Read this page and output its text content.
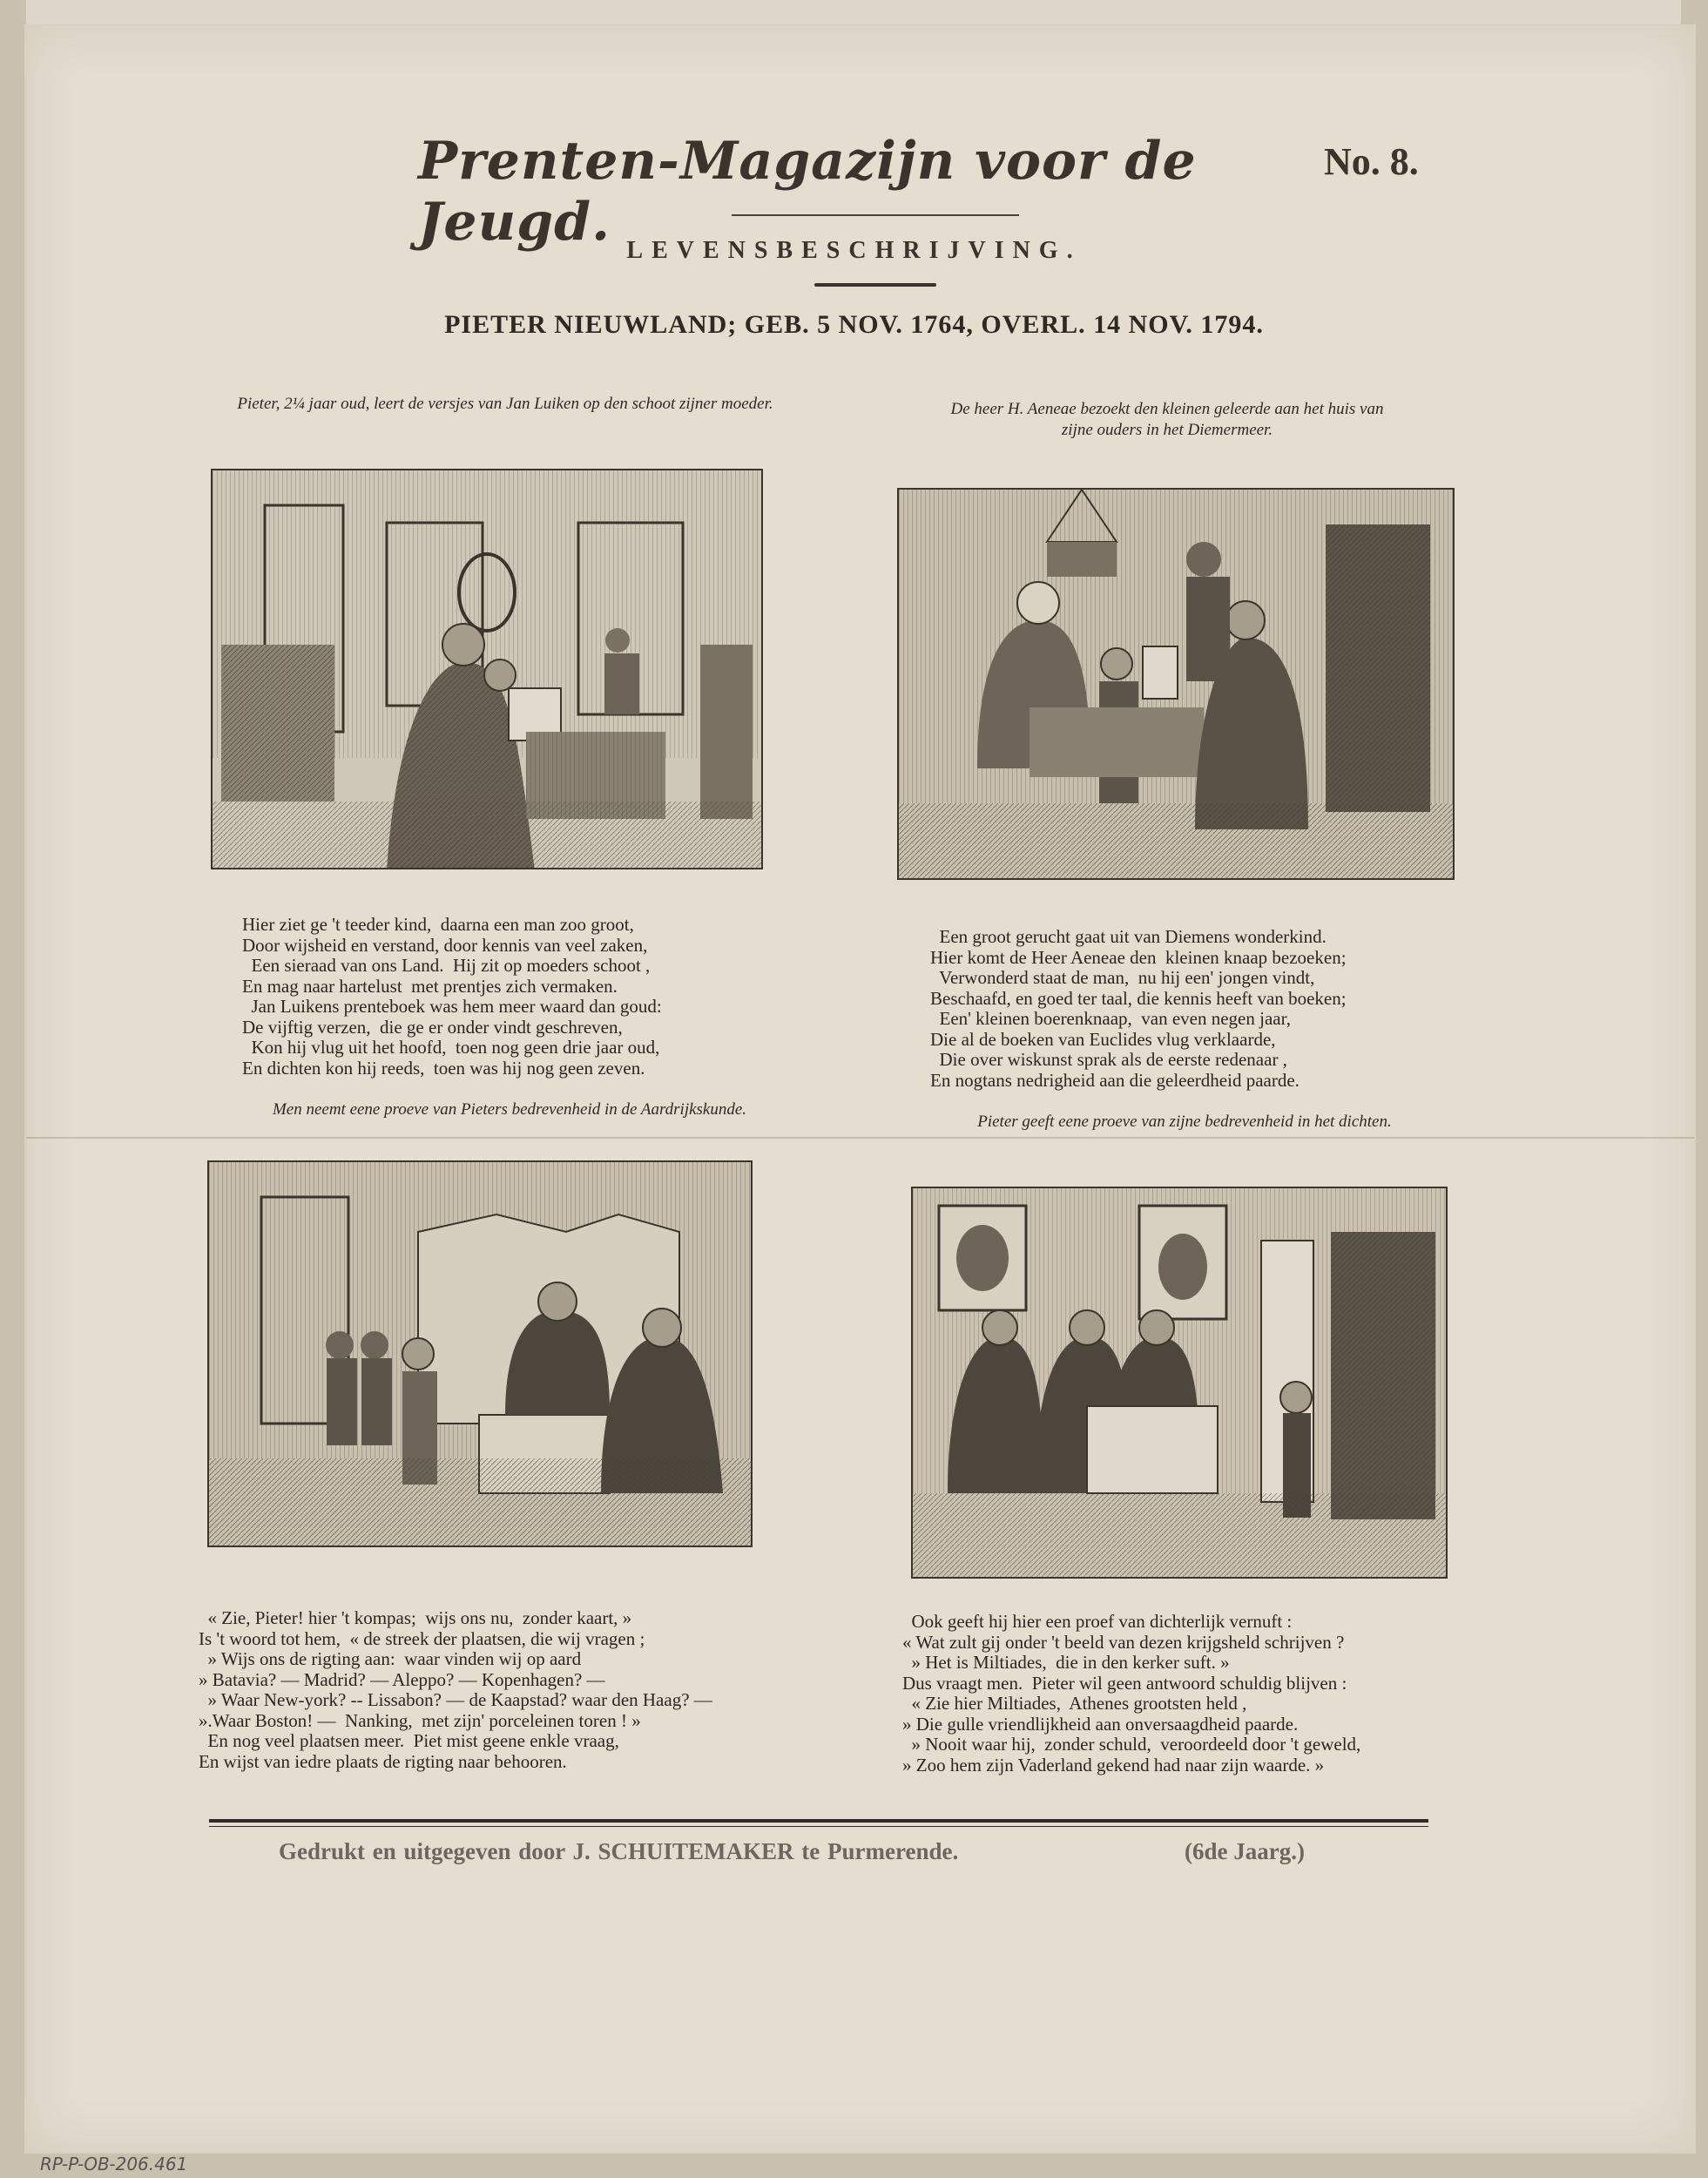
Prenten-Magazijn voor de Jeugd.
No. 8.
LEVENSBESCHRIJVING.
PIETER NIEUWLAND; GEB. 5 NOV. 1764, OVERL. 14 NOV. 1794.
Pieter, 2¼ jaar oud, leert de versjes van Jan Luiken op den schoot zijner moeder.
Hier ziet ge 't teeder kind,  daarna een man zoo groot,
Door wijsheid en verstand, door kennis van veel zaken,
Een sieraad van ons Land.  Hij zit op moeders schoot ,
En mag naar hartelust  met prentjes zich vermaken.
Jan Luikens prenteboek was hem meer waard dan goud:
De vijftig verzen,  die ge er onder vindt geschreven,
Kon hij vlug uit het hoofd,  toen nog geen drie jaar oud,
En dichten kon hij reeds,  toen was hij nog geen zeven.
De heer H. Aeneae bezoekt den kleinen geleerde aan het huis van zijne ouders in het Diemermeer.
Een groot gerucht gaat uit van Diemens wonderkind.
Hier komt de Heer Aeneae den  kleinen knaap bezoeken;
Verwonderd staat de man,  nu hij een' jongen vindt,
Beschaafd, en goed ter taal, die kennis heeft van boeken;
Een' kleinen boerenknaap,  van even negen jaar,
Die al de boeken van Euclides vlug verklaarde,
Die over wiskunst sprak als de eerste redenaar ,
En nogtans nedrigheid aan die geleerdheid paarde.
Men neemt eene proeve van Pieters bedrevenheid in de Aardrijkskunde.
« Zie, Pieter! hier 't kompas;  wijs ons nu,  zonder kaart, »
Is 't woord tot hem,  « de streek der plaatsen, die wij vragen ;
» Wijs ons de rigting aan:  waar vinden wij op aard
» Batavia? — Madrid? — Aleppo? — Kopenhagen? —
» Waar New-york? -- Lissabon? — de Kaapstad? waar den Haag? —
».Waar Boston! —  Nanking,  met zijn' porceleinen toren ! »
En nog veel plaatsen meer.  Piet mist geene enkle vraag,
En wijst van iedre plaats de rigting naar behooren.
Pieter geeft eene proeve van zijne bedrevenheid in het dichten.
Ook geeft hij hier een proef van dichterlijk vernuft :
« Wat zult gij onder 't beeld van dezen krijgsheld schrijven ?
» Het is Miltiades,  die in den kerker suft. »
Dus vraagt men.  Pieter wil geen antwoord schuldig blijven :
« Zie hier Miltiades,  Athenes grootsten held ,
» Die gulle vriendlijkheid aan onversaagdheid paarde.
» Nooit waar hij,  zonder schuld,  veroordeeld door 't geweld,
» Zoo hem zijn Vaderland gekend had naar zijn waarde. »
Gedrukt en uitgegeven door J. SCHUITEMAKER te Purmerende.	(6de Jaarg.)
RP-P-OB-206.461
